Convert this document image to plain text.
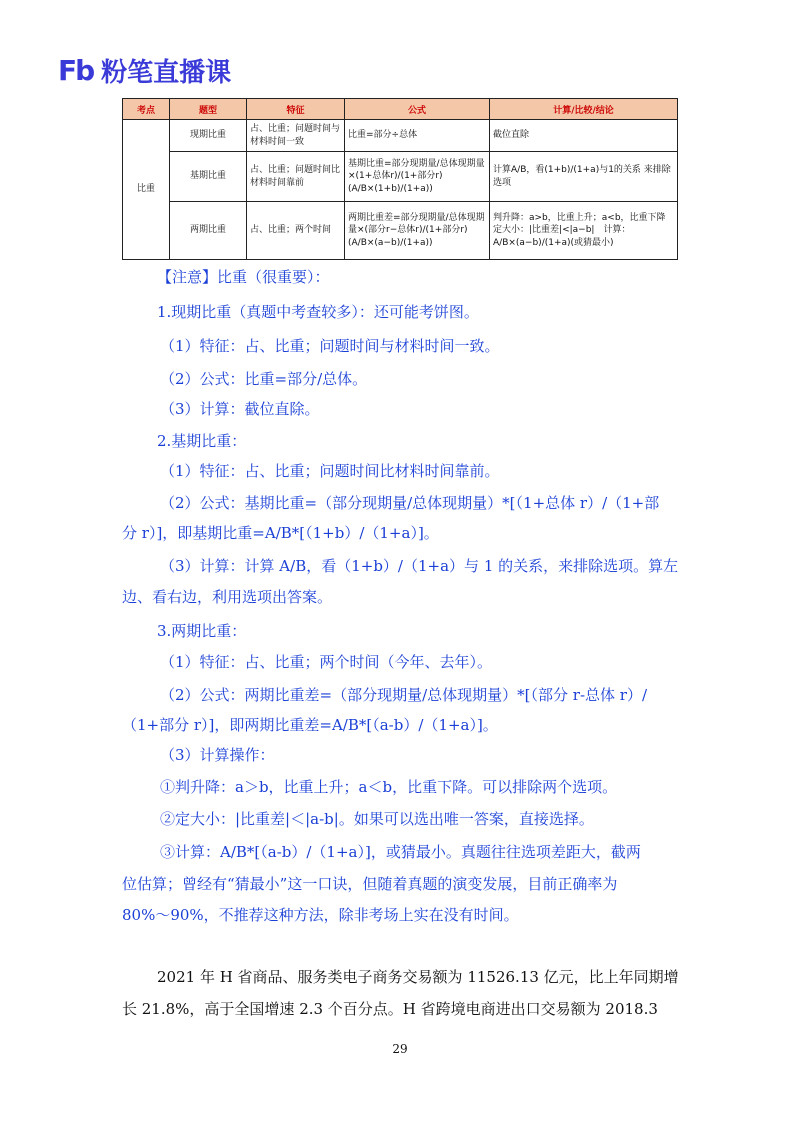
Fb 粉笔直播课
考点	题型	特征	公式	计算/比较/结论
比重	现期比重	占、比重；问题时间与材料时间一致	比重=部分÷总体	截位直除
	基期比重	占、比重；问题时间比材料时间靠前	基期比重=部分现期量/总体现期量×(1+总体r)/(1+部分r)　(A/B×(1+b)/(1+a))	计算A/B，看(1+b)/(1+a)与1的关系 来排除选项
	两期比重	占、比重；两个时间	两期比重差=部分现期量/总体现期量×(部分r−总体r)/(1+部分r)　(A/B×(a−b)/(1+a))	判升降：a>b，比重上升；a<b，比重下降　定大小：|比重差|<|a−b|　计算：A/B×(a−b)/(1+a)(或猜最小)
【注意】比重（很重要）：
1.现期比重（真题中考查较多）：还可能考饼图。
（1）特征：占、比重；问题时间与材料时间一致。
（2）公式：比重=部分/总体。
（3）计算：截位直除。
2.基期比重：
（1）特征：占、比重；问题时间比材料时间靠前。
（2）公式：基期比重=（部分现期量/总体现期量）*[（1+总体 r）/（1+部
分 r）]，即基期比重=A/B*[（1+b）/（1+a）]。
（3）计算：计算 A/B，看（1+b）/（1+a）与 1 的关系，来排除选项。算左
边、看右边，利用选项出答案。
3.两期比重：
（1）特征：占、比重；两个时间（今年、去年）。
（2）公式：两期比重差=（部分现期量/总体现期量）*[（部分 r-总体 r）/
（1+部分 r）]，即两期比重差=A/B*[（a-b）/（1+a）]。
（3）计算操作：
①判升降：a＞b，比重上升；a＜b，比重下降。可以排除两个选项。
②定大小：|比重差|＜|a-b|。如果可以选出唯一答案，直接选择。
③计算：A/B*[（a-b）/（1+a）]，或猜最小。真题往往选项差距大，截两
位估算；曾经有“猜最小”这一口诀，但随着真题的演变发展，目前正确率为
80%～90%，不推荐这种方法，除非考场上实在没有时间。
2021 年 H 省商品、服务类电子商务交易额为 11526.13 亿元，比上年同期增
长 21.8%，高于全国增速 2.3 个百分点。H 省跨境电商进出口交易额为 2018.3
29
